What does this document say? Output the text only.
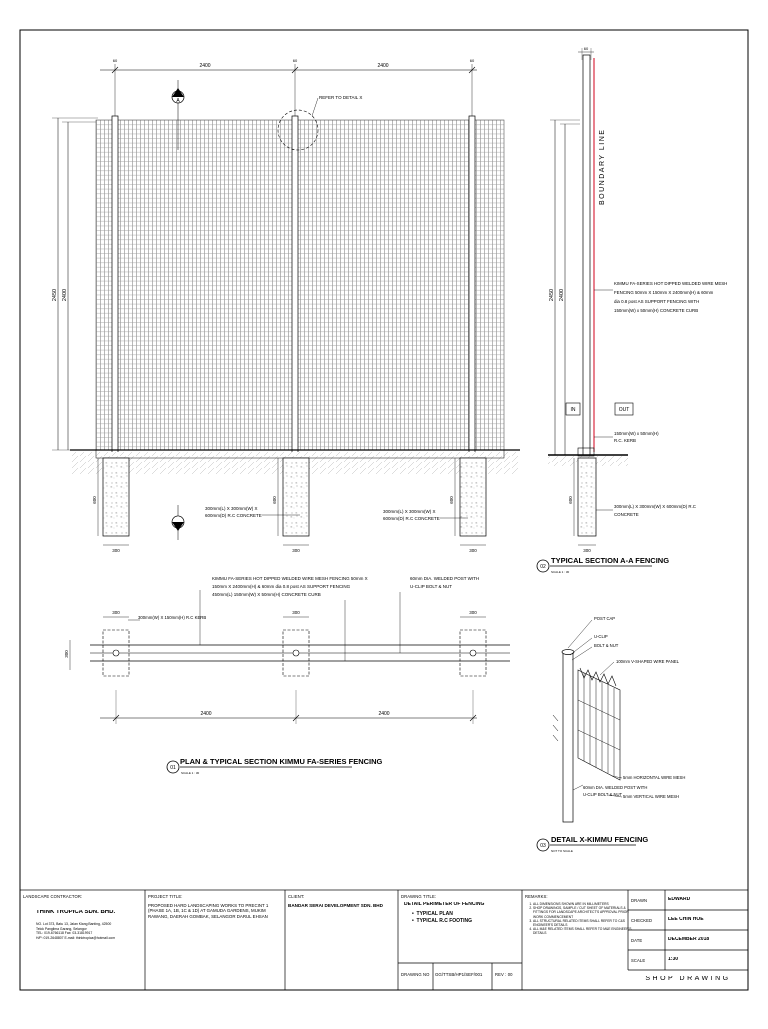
2400	2400
60	60	60
2450 2400
600	600	600
300	300	300
A
A
REFER TO DETAIL X
300mm(L) X 300mm(W) X
600mm(D) R.C CONCRETE
300mm(L) X 300mm(W) X
600mm(D) R.C CONCRETE
60
2450 2400
BOUNDARY LINE
600
300
IN	OUT
KIMMU FA-SERIES HOT DIPPED WELDED WIRE MESH
FENCING 50mm X 150mm X 2400mm(H) & 60mm
dia 0.8 post AS SUPPORT FENCING WITH
150mm(W) x 50mm(H) CONCRETE CURB
150mm(W) x 50mm(H)
R.C. KERB
300mm(L) X 300mm(W) X 600mm(D) R.C
CONCRETE
02
TYPICAL SECTION A-A FENCING
SCALE 1 : 30
300
300	300	300
2400	2400
KIMMU FA-SERIES HOT DIPPED WELDED WIRE MESH FENCING 50mm X
150mm X 2400mm(H) & 60mm dia 0.8 post AS SUPPORT FENCING
450mm(L) 150mm(W) X 50mm(H) CONCRETE CURB
300mm(W) X 150mm(H) R.C KERB
60mm DIA. WELDED POST WITH
U-CLIP BOLT & NUT
01
PLAN & TYPICAL SECTION KIMMU FA-SERIES FENCING
SCALE 1 : 30
POST CAP
U-CLIP
BOLT & NUT
100mm V-SHAPED WIRE PANEL
5mm HORIZONTAL WIRE MESH
5mm VERTICAL WIRE MESH
60mm DIA. WELDED POST WITH
U-CLIP BOLT & NUT
03
DETAIL X-KIMMU FENCING
NOT TO SCALE
LANDSCAPE CONTRACTOR:
THINK TROPICA SDN. BHD.
NO. Lot 373, Batu 13, Jalan Klang Banting, 42500
Telok Panglima Garang, Selangor
TEL: 019-6766118 Fax: 03-31819917
H/P: 019-2648807 E-mail: thinktropica@hotmail.com
PROJECT TITLE:
PROPOSED HARD LANDSCAPING WORKS TO PRECINT 1 (PHASE 1A, 1B, 1C & 1D) AT GAMUDA GARDENS, MUKIM RAWANG, DAERAH GOMBAK, SELANGOR DARUL EHSAN
CLIENT:
BANDAR SERAI DEVELOPMENT SDN. BHD
DRAWING TITLE:
DETAIL PERIMETER OF FENCING
•  TYPICAL PLAN
•  TYPICAL R.C FOOTING
DRAWING NO	GG/TTSB/HP1/SEF/001	REV : 00
REMARKS:
1. ALL DIMENSIONS SHOWN ARE IN MILLIMETERS
2. SHOP DRAWINGS, SAMPLE / CUT SHEET OF MATERIALS & FITTINGS FOR LANDSCAPE ARCHITECT'S APPROVAL PRIOR WORK COMMENCEMENT
3. ALL STRUCTURAL RELATED ITEMS SHALL REFER TO C&S ENGINEER'S DETAILS
4. ALL M&E RELATED ITEMS SHALL REFER TO M&E ENGINEER'S DETAILS
DRAWN	EDWARD
CHECKED	LEE CHIN HOE
DATE	DECEMBER 2018
SCALE	1:30
SHOP DRAWING
